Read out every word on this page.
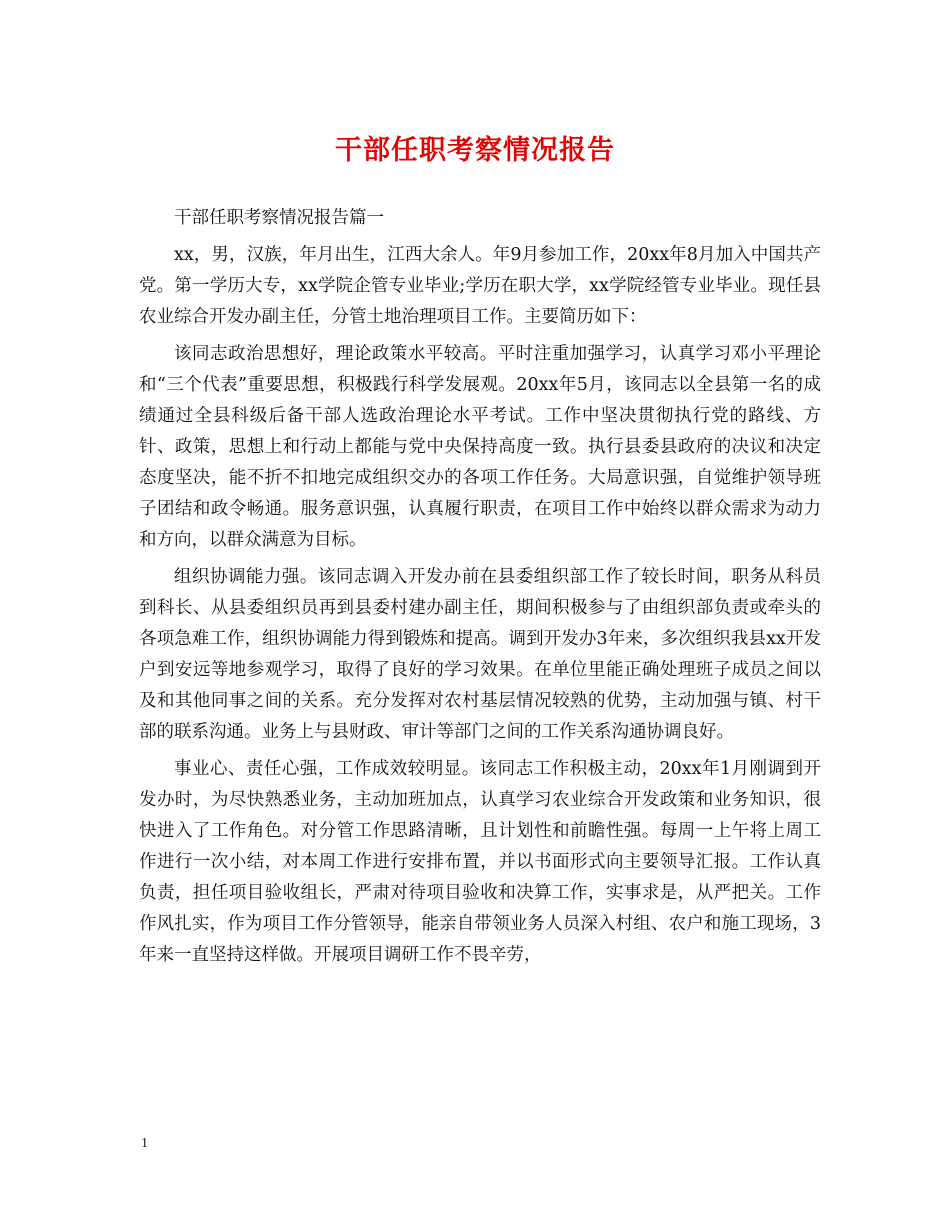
干部任职考察情况报告

干部任职考察情况报告篇一

xx，男，汉族，年月出生，江西大余人。年9月参加工作，20xx年8月加入中国共产党。第一学历大专，xx学院企管专业毕业;学历在职大学，xx学院经管专业毕业。现任县农业综合开发办副主任，分管土地治理项目工作。主要简历如下：

该同志政治思想好，理论政策水平较高。平时注重加强学习，认真学习邓小平理论和“三个代表”重要思想，积极践行科学发展观。20xx年5月，该同志以全县第一名的成绩通过全县科级后备干部人选政治理论水平考试。工作中坚决贯彻执行党的路线、方针、政策，思想上和行动上都能与党中央保持高度一致。执行县委县政府的决议和决定态度坚决，能不折不扣地完成组织交办的各项工作任务。大局意识强，自觉维护领导班子团结和政令畅通。服务意识强，认真履行职责，在项目工作中始终以群众需求为动力和方向，以群众满意为目标。

组织协调能力强。该同志调入开发办前在县委组织部工作了较长时间，职务从科员到科长、从县委组织员再到县委村建办副主任，期间积极参与了由组织部负责或牵头的各项急难工作，组织协调能力得到锻炼和提高。调到开发办3年来，多次组织我县xx开发户到安远等地参观学习，取得了良好的学习效果。在单位里能正确处理班子成员之间以及和其他同事之间的关系。充分发挥对农村基层情况较熟的优势，主动加强与镇、村干部的联系沟通。业务上与县财政、审计等部门之间的工作关系沟通协调良好。

事业心、责任心强，工作成效较明显。该同志工作积极主动，20xx年1月刚调到开发办时，为尽快熟悉业务，主动加班加点，认真学习农业综合开发政策和业务知识，很快进入了工作角色。对分管工作思路清晰，且计划性和前瞻性强。每周一上午将上周工作进行一次小结，对本周工作进行安排布置，并以书面形式向主要领导汇报。工作认真负责，担任项目验收组长，严肃对待项目验收和决算工作，实事求是，从严把关。工作作风扎实，作为项目工作分管领导，能亲自带领业务人员深入村组、农户和施工现场，3年来一直坚持这样做。开展项目调研工作不畏辛劳，

1
